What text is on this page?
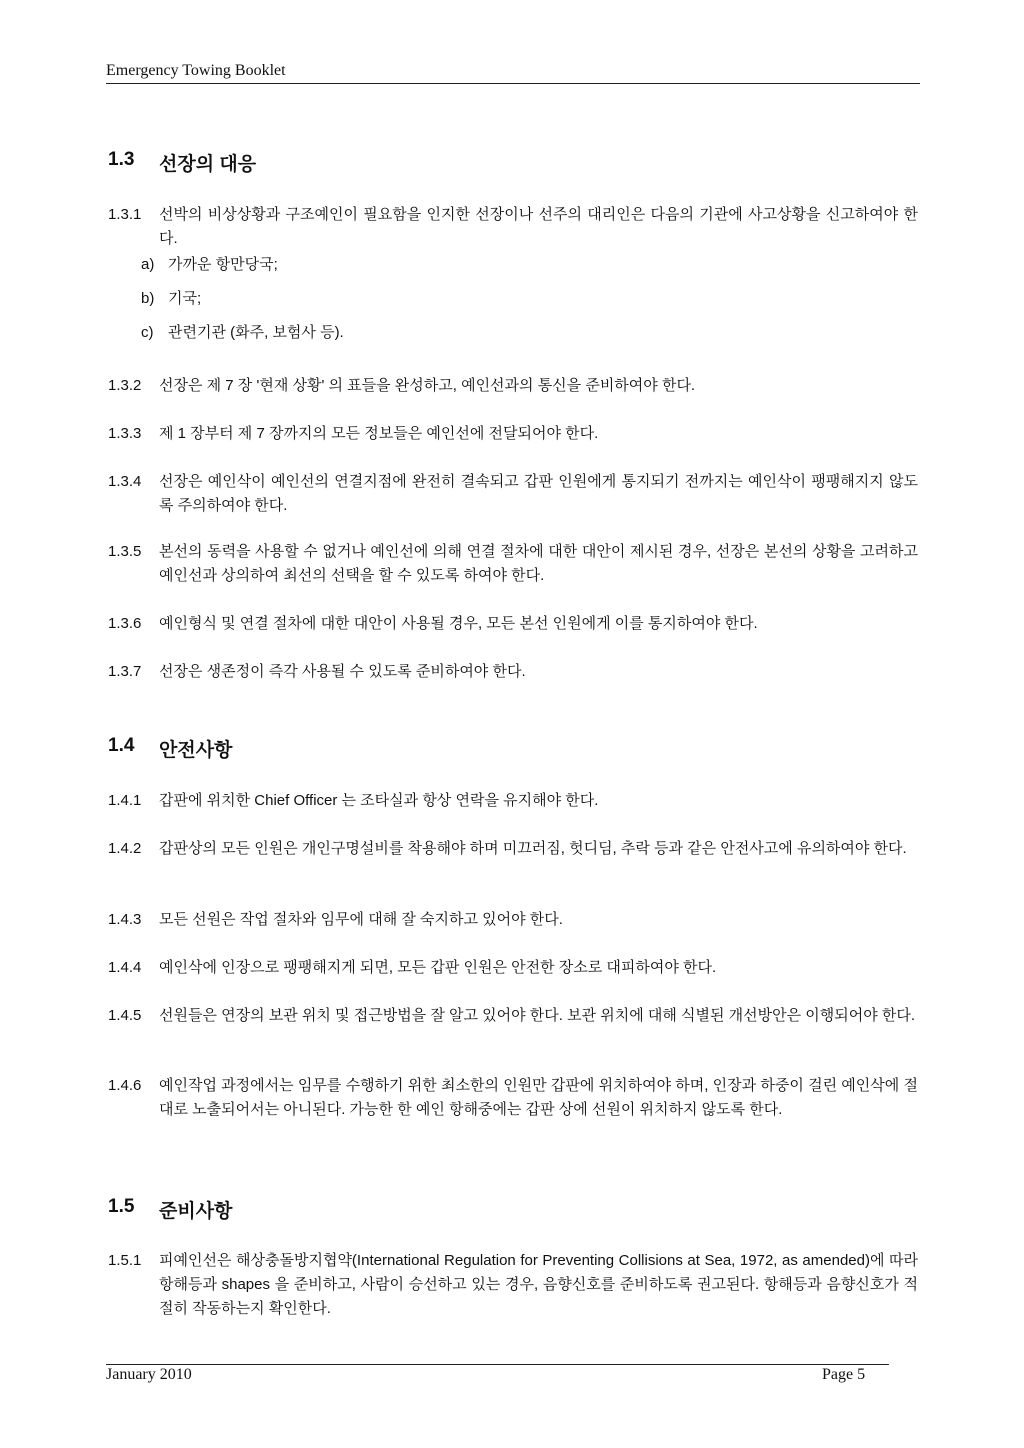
Emergency Towing Booklet
1.3	선장의 대응
1.3.1	선박의 비상상황과 구조예인이 필요함을 인지한 선장이나 선주의 대리인은 다음의 기관에 사고상황을 신고하여야 한다.
a) 가까운 항만당국;
b) 기국;
c) 관련기관 (화주, 보험사 등).
1.3.2	선장은 제 7 장 '현재 상황' 의 표들을 완성하고, 예인선과의 통신을 준비하여야 한다.
1.3.3	제 1 장부터 제 7 장까지의 모든 정보들은 예인선에 전달되어야 한다.
1.3.4	선장은 예인삭이 예인선의 연결지점에 완전히 결속되고 갑판 인원에게 통지되기 전까지는 예인삭이 팽팽해지지 않도록 주의하여야 한다.
1.3.5	본선의 동력을 사용할 수 없거나 예인선에 의해 연결 절차에 대한 대안이 제시된 경우, 선장은 본선의 상황을 고려하고 예인선과 상의하여 최선의 선택을 할 수 있도록 하여야 한다.
1.3.6	예인형식 및 연결 절차에 대한 대안이 사용될 경우, 모든 본선 인원에게 이를 통지하여야 한다.
1.3.7	선장은 생존정이 즉각 사용될 수 있도록 준비하여야 한다.
1.4	안전사항
1.4.1	갑판에 위치한 Chief Officer 는 조타실과 항상 연락을 유지해야 한다.
1.4.2	갑판상의 모든 인원은 개인구명설비를 착용해야 하며 미끄러짐, 헛디딤, 추락 등과 같은 안전사고에 유의하여야 한다.
1.4.3	모든 선원은 작업 절차와 임무에 대해 잘 숙지하고 있어야 한다.
1.4.4	예인삭에 인장으로 팽팽해지게 되면, 모든 갑판 인원은 안전한 장소로 대피하여야 한다.
1.4.5	선원들은 연장의 보관 위치 및 접근방법을 잘 알고 있어야 한다. 보관 위치에 대해 식별된 개선방안은 이행되어야 한다.
1.4.6	예인작업 과정에서는 임무를 수행하기 위한 최소한의 인원만 갑판에 위치하여야 하며, 인장과 하중이 걸린 예인삭에 절대로 노출되어서는 아니된다. 가능한 한 예인 항해중에는 갑판 상에 선원이 위치하지 않도록 한다.
1.5	준비사항
1.5.1	피예인선은 해상충돌방지협약(International Regulation for Preventing Collisions at Sea, 1972, as amended)에 따라 항해등과 shapes 을 준비하고, 사람이 승선하고 있는 경우, 음향신호를 준비하도록 권고된다. 항해등과 음향신호가 적절히 작동하는지 확인한다.
January 2010	Page 5
